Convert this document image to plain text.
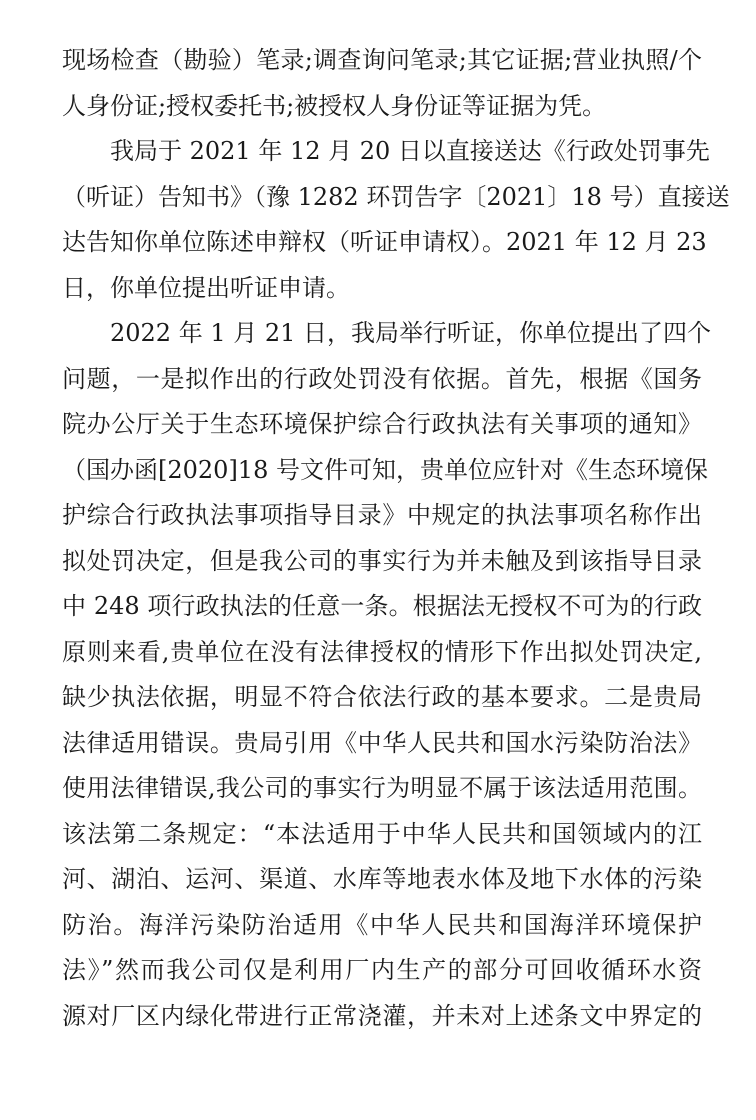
现场检查（勘验）笔录;调查询问笔录;其它证据;营业执照/个
人身份证;授权委托书;被授权人身份证等证据为凭。
我局于 2021 年 12 月 20 日以直接送达《行政处罚事先
（听证）告知书》（豫 1282 环罚告字〔2021〕18 号）直接送
达告知你单位陈述申辩权（听证申请权）。2021 年 12 月 23
日，你单位提出听证申请。
2022 年 1 月 21 日，我局举行听证，你单位提出了四个
问题，一是拟作出的行政处罚没有依据。首先，根据《国务
院办公厅关于生态环境保护综合行政执法有关事项的通知》
（国办函[2020]18 号文件可知，贵单位应针对《生态环境保
护综合行政执法事项指导目录》中规定的执法事项名称作出
拟处罚决定，但是我公司的事实行为并未触及到该指导目录
中 248 项行政执法的任意一条。根据法无授权不可为的行政
原则来看,贵单位在没有法律授权的情形下作出拟处罚决定,
缺少执法依据，明显不符合依法行政的基本要求。二是贵局
法律适用错误。贵局引用《中华人民共和国水污染防治法》
使用法律错误,我公司的事实行为明显不属于该法适用范围。
该法第二条规定：“本法适用于中华人民共和国领域内的江
河、湖泊、运河、渠道、水库等地表水体及地下水体的污染
防治。海洋污染防治适用《中华人民共和国海洋环境保护
法》”然而我公司仅是利用厂内生产的部分可回收循环水资
源对厂区内绿化带进行正常浇灌，并未对上述条文中界定的
